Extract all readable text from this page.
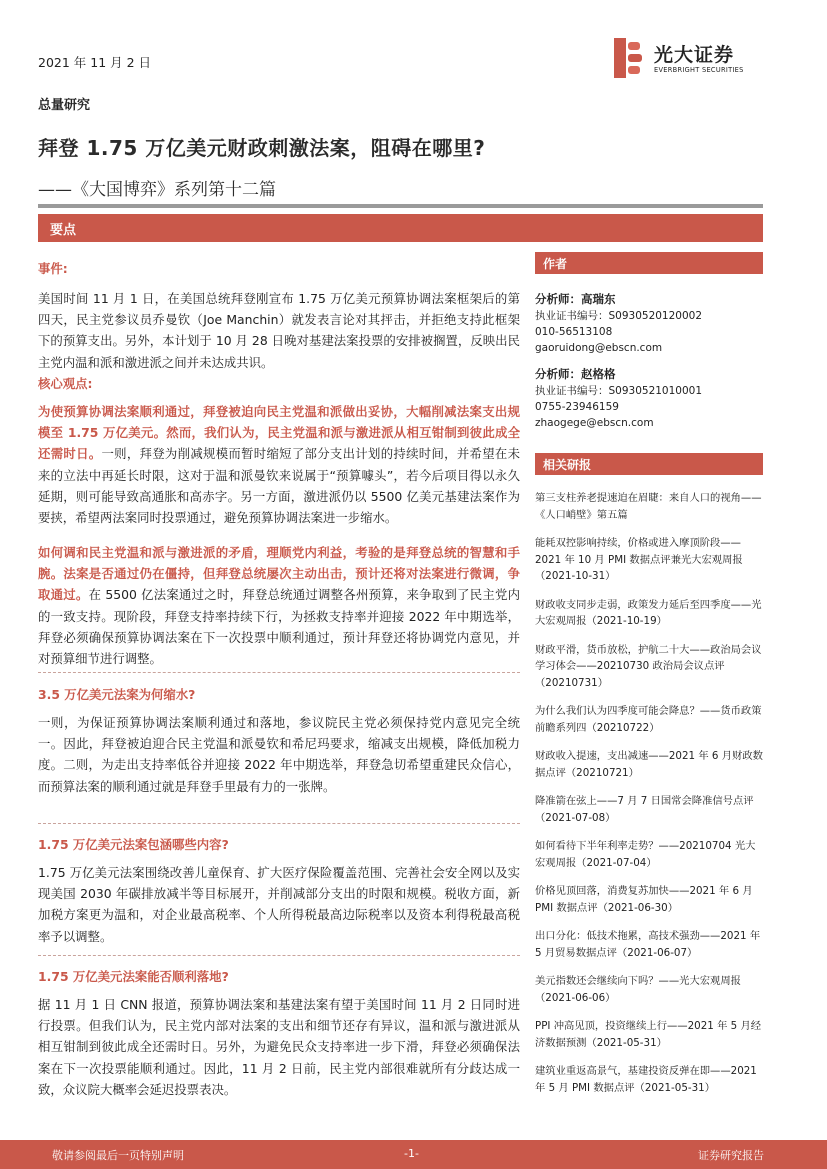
2021 年 11 月 2 日	光大证券
EVERBRIGHT SECURITIES
总量研究
拜登 1.75 万亿美元财政刺激法案，阻碍在哪里?
——《大国博弈》系列第十二篇
要点
事件:

美国时间 11 月 1 日，在美国总统拜登刚宣布 1.75 万亿美元预算协调法案框架后的第四天，民主党参议员乔曼钦（Joe Manchin）就发表言论对其抨击，并拒绝支持此框架下的预算支出。另外，本计划于 10 月 28 日晚对基建法案投票的安排被搁置，反映出民主党内温和派和激进派之间并未达成共识。

核心观点:

为使预算协调法案顺利通过，拜登被迫向民主党温和派做出妥协，大幅削减法案支出规模至 1.75 万亿美元。然而，我们认为，民主党温和派与激进派从相互钳制到彼此成全还需时日。一则，拜登为削减规模而暂时缩短了部分支出计划的持续时间，并希望在未来的立法中再延长时限，这对于温和派曼钦来说属于“预算噱头”，若今后项目得以永久延期，则可能导致高通胀和高赤字。另一方面，激进派仍以 5500 亿美元基建法案作为要挟，希望两法案同时投票通过，避免预算协调法案进一步缩水。

如何调和民主党温和派与激进派的矛盾，理顺党内利益，考验的是拜登总统的智慧和手腕。法案是否通过仍在僵持，但拜登总统屡次主动出击，预计还将对法案进行微调，争取通过。在 5500 亿法案通过之时，拜登总统通过调整各州预算，来争取到了民主党内的一致支持。现阶段，拜登支持率持续下行，为拯救支持率并迎接 2022 年中期选举，拜登必须确保预算协调法案在下一次投票中顺利通过，预计拜登还将协调党内意见，并对预算细节进行调整。

3.5 万亿美元法案为何缩水?

一则，为保证预算协调法案顺利通过和落地，参议院民主党必须保持党内意见完全统一。因此，拜登被迫迎合民主党温和派曼钦和希尼玛要求，缩减支出规模，降低加税力度。二则，为走出支持率低谷并迎接 2022 年中期选举，拜登急切希望重建民众信心，而预算法案的顺利通过就是拜登手里最有力的一张牌。

1.75 万亿美元法案包涵哪些内容?

1.75 万亿美元法案围绕改善儿童保育、扩大医疗保险覆盖范围、完善社会安全网以及实现美国 2030 年碳排放减半等目标展开，并削减部分支出的时限和规模。税收方面，新加税方案更为温和，对企业最高税率、个人所得税最高边际税率以及资本利得税最高税率予以调整。

1.75 万亿美元法案能否顺利落地?

据 11 月 1 日 CNN 报道，预算协调法案和基建法案有望于美国时间 11 月 2 日同时进行投票。但我们认为，民主党内部对法案的支出和细节还存有异议，温和派与激进派从相互钳制到彼此成全还需时日。另外，为避免民众支持率进一步下滑，拜登必须确保法案在下一次投票能顺利通过。因此，11 月 2 日前，民主党内部很难就所有分歧达成一致，众议院大概率会延迟投票表决。

作者
分析师：高瑞东
执业证书编号：S0930520120002
010-56513108
gaoruidong@ebscn.com
分析师：赵格格
执业证书编号：S0930521010001
0755-23946159
zhaogege@ebscn.com
相关研报
第三支柱养老提速迫在眉睫：来自人口的视角——《人口峭壁》第五篇
能耗双控影响持续，价格或进入摩顶阶段——2021 年 10 月 PMI 数据点评兼光大宏观周报（2021-10-31）
财政收支同步走弱，政策发力延后至四季度——光大宏观周报（2021-10-19）
财政平滑，货币放松，护航二十大——政治局会议学习体会——20210730 政治局会议点评（20210731）
为什么我们认为四季度可能会降息？——货币政策前瞻系列四（20210722）
财政收入提速，支出减速——2021 年 6 月财政数据点评（20210721）
降准箭在弦上——7 月 7 日国常会降准信号点评（2021-07-08）
如何看待下半年利率走势？——20210704 光大宏观周报（2021-07-04）
价格见顶回落，消费复苏加快——2021 年 6 月 PMI 数据点评（2021-06-30）
出口分化：低技术拖累，高技术强劲——2021 年 5 月贸易数据点评（2021-06-07）
美元指数还会继续向下吗？——光大宏观周报（2021-06-06）
PPI 冲高见顶，投资继续上行——2021 年 5 月经济数据预测（2021-05-31）
建筑业重返高景气，基建投资反弹在即——2021 年 5 月 PMI 数据点评（2021-05-31）
敬请参阅最后一页特别声明	-1-	证券研究报告
